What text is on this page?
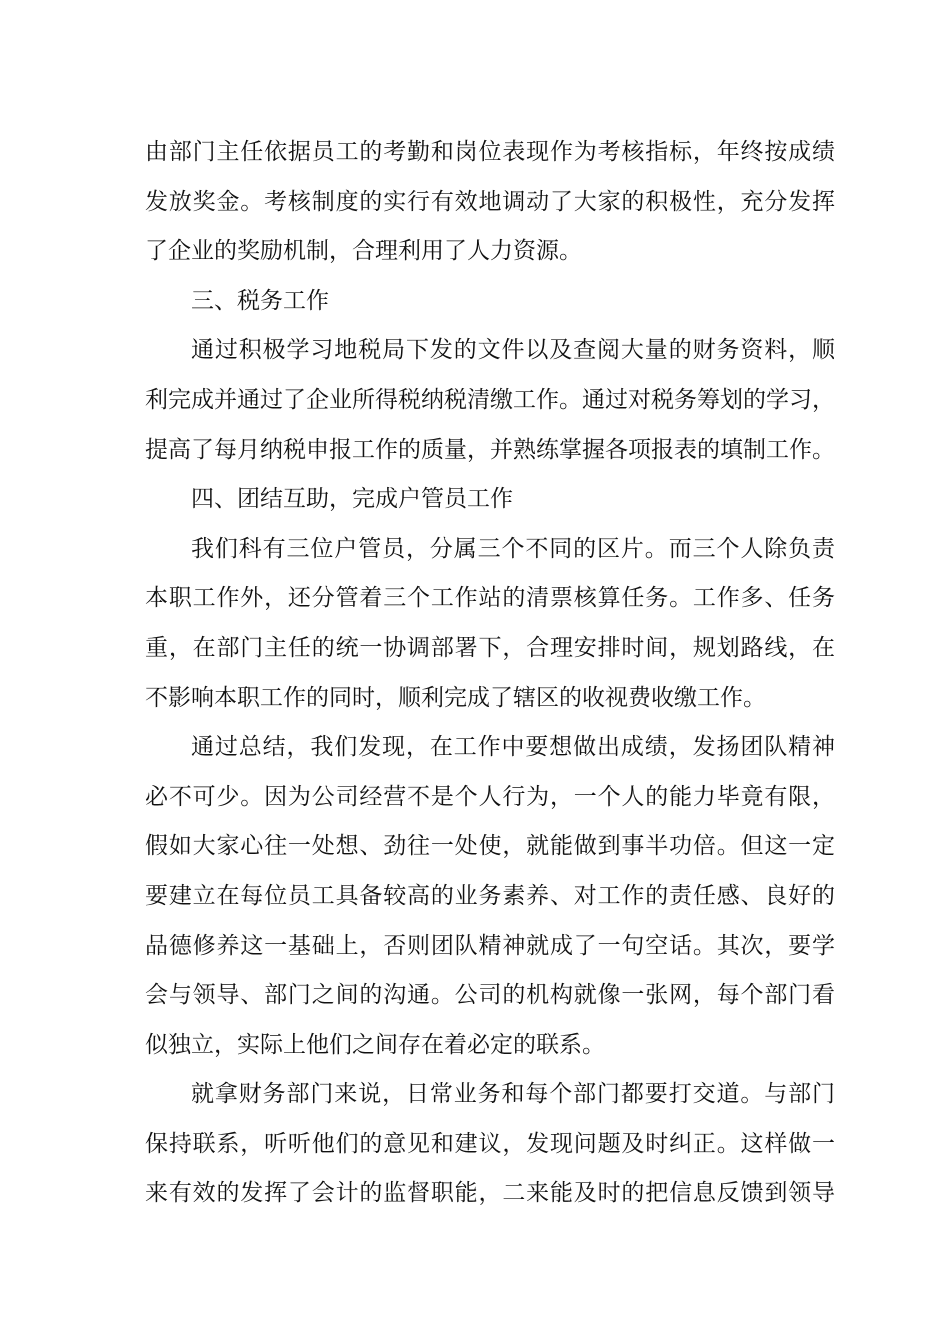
由部门主任依据员工的考勤和岗位表现作为考核指标，年终按成绩
发放奖金。考核制度的实行有效地调动了大家的积极性，充分发挥
了企业的奖励机制，合理利用了人力资源。
三、税务工作
通过积极学习地税局下发的文件以及查阅大量的财务资料，顺
利完成并通过了企业所得税纳税清缴工作。通过对税务筹划的学习，
提高了每月纳税申报工作的质量，并熟练掌握各项报表的填制工作。
四、团结互助，完成户管员工作
我们科有三位户管员，分属三个不同的区片。而三个人除负责
本职工作外，还分管着三个工作站的清票核算任务。工作多、任务
重，在部门主任的统一协调部署下，合理安排时间，规划路线，在
不影响本职工作的同时，顺利完成了辖区的收视费收缴工作。
通过总结，我们发现，在工作中要想做出成绩，发扬团队精神
必不可少。因为公司经营不是个人行为，一个人的能力毕竟有限，
假如大家心往一处想、劲往一处使，就能做到事半功倍。但这一定
要建立在每位员工具备较高的业务素养、对工作的责任感、良好的
品德修养这一基础上，否则团队精神就成了一句空话。其次，要学
会与领导、部门之间的沟通。公司的机构就像一张网，每个部门看
似独立，实际上他们之间存在着必定的联系。
就拿财务部门来说，日常业务和每个部门都要打交道。与部门
保持联系，听听他们的意见和建议，发现问题及时纠正。这样做一
来有效的发挥了会计的监督职能，二来能及时的把信息反馈到领导
